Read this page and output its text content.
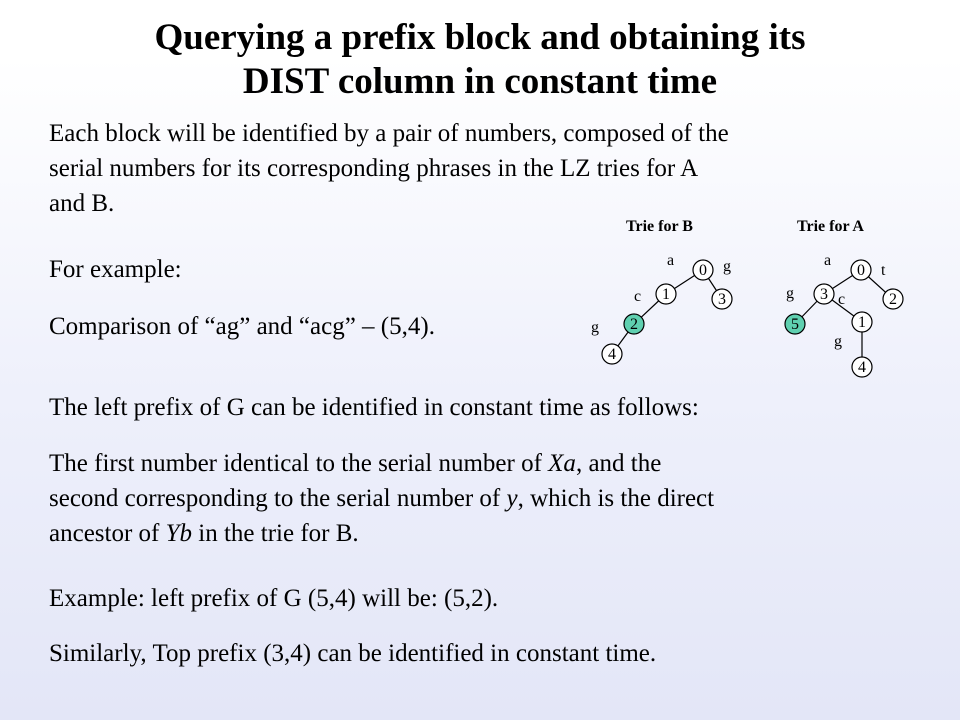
Querying a prefix block and obtaining its
DIST column in constant time
Each block will be identified by a pair of numbers, composed of the
serial numbers for its corresponding phrases in the LZ tries for A
and B.
For example:
Comparison of “ag” and “acg” – (5,4).
The left prefix of G can be identified in constant time as follows:
The first number identical to the serial number of Xa, and the
second corresponding to the serial number of y, which is the direct
ancestor of Yb in the trie for B.
Example: left prefix of G (5,4) will be: (5,2).
Similarly, Top prefix (3,4) can be identified in constant time.
Trie for B
a	g
c
g
0
1	3
2
4
Trie for A
a
t
g	c
g
0
3	2
5	1
4
